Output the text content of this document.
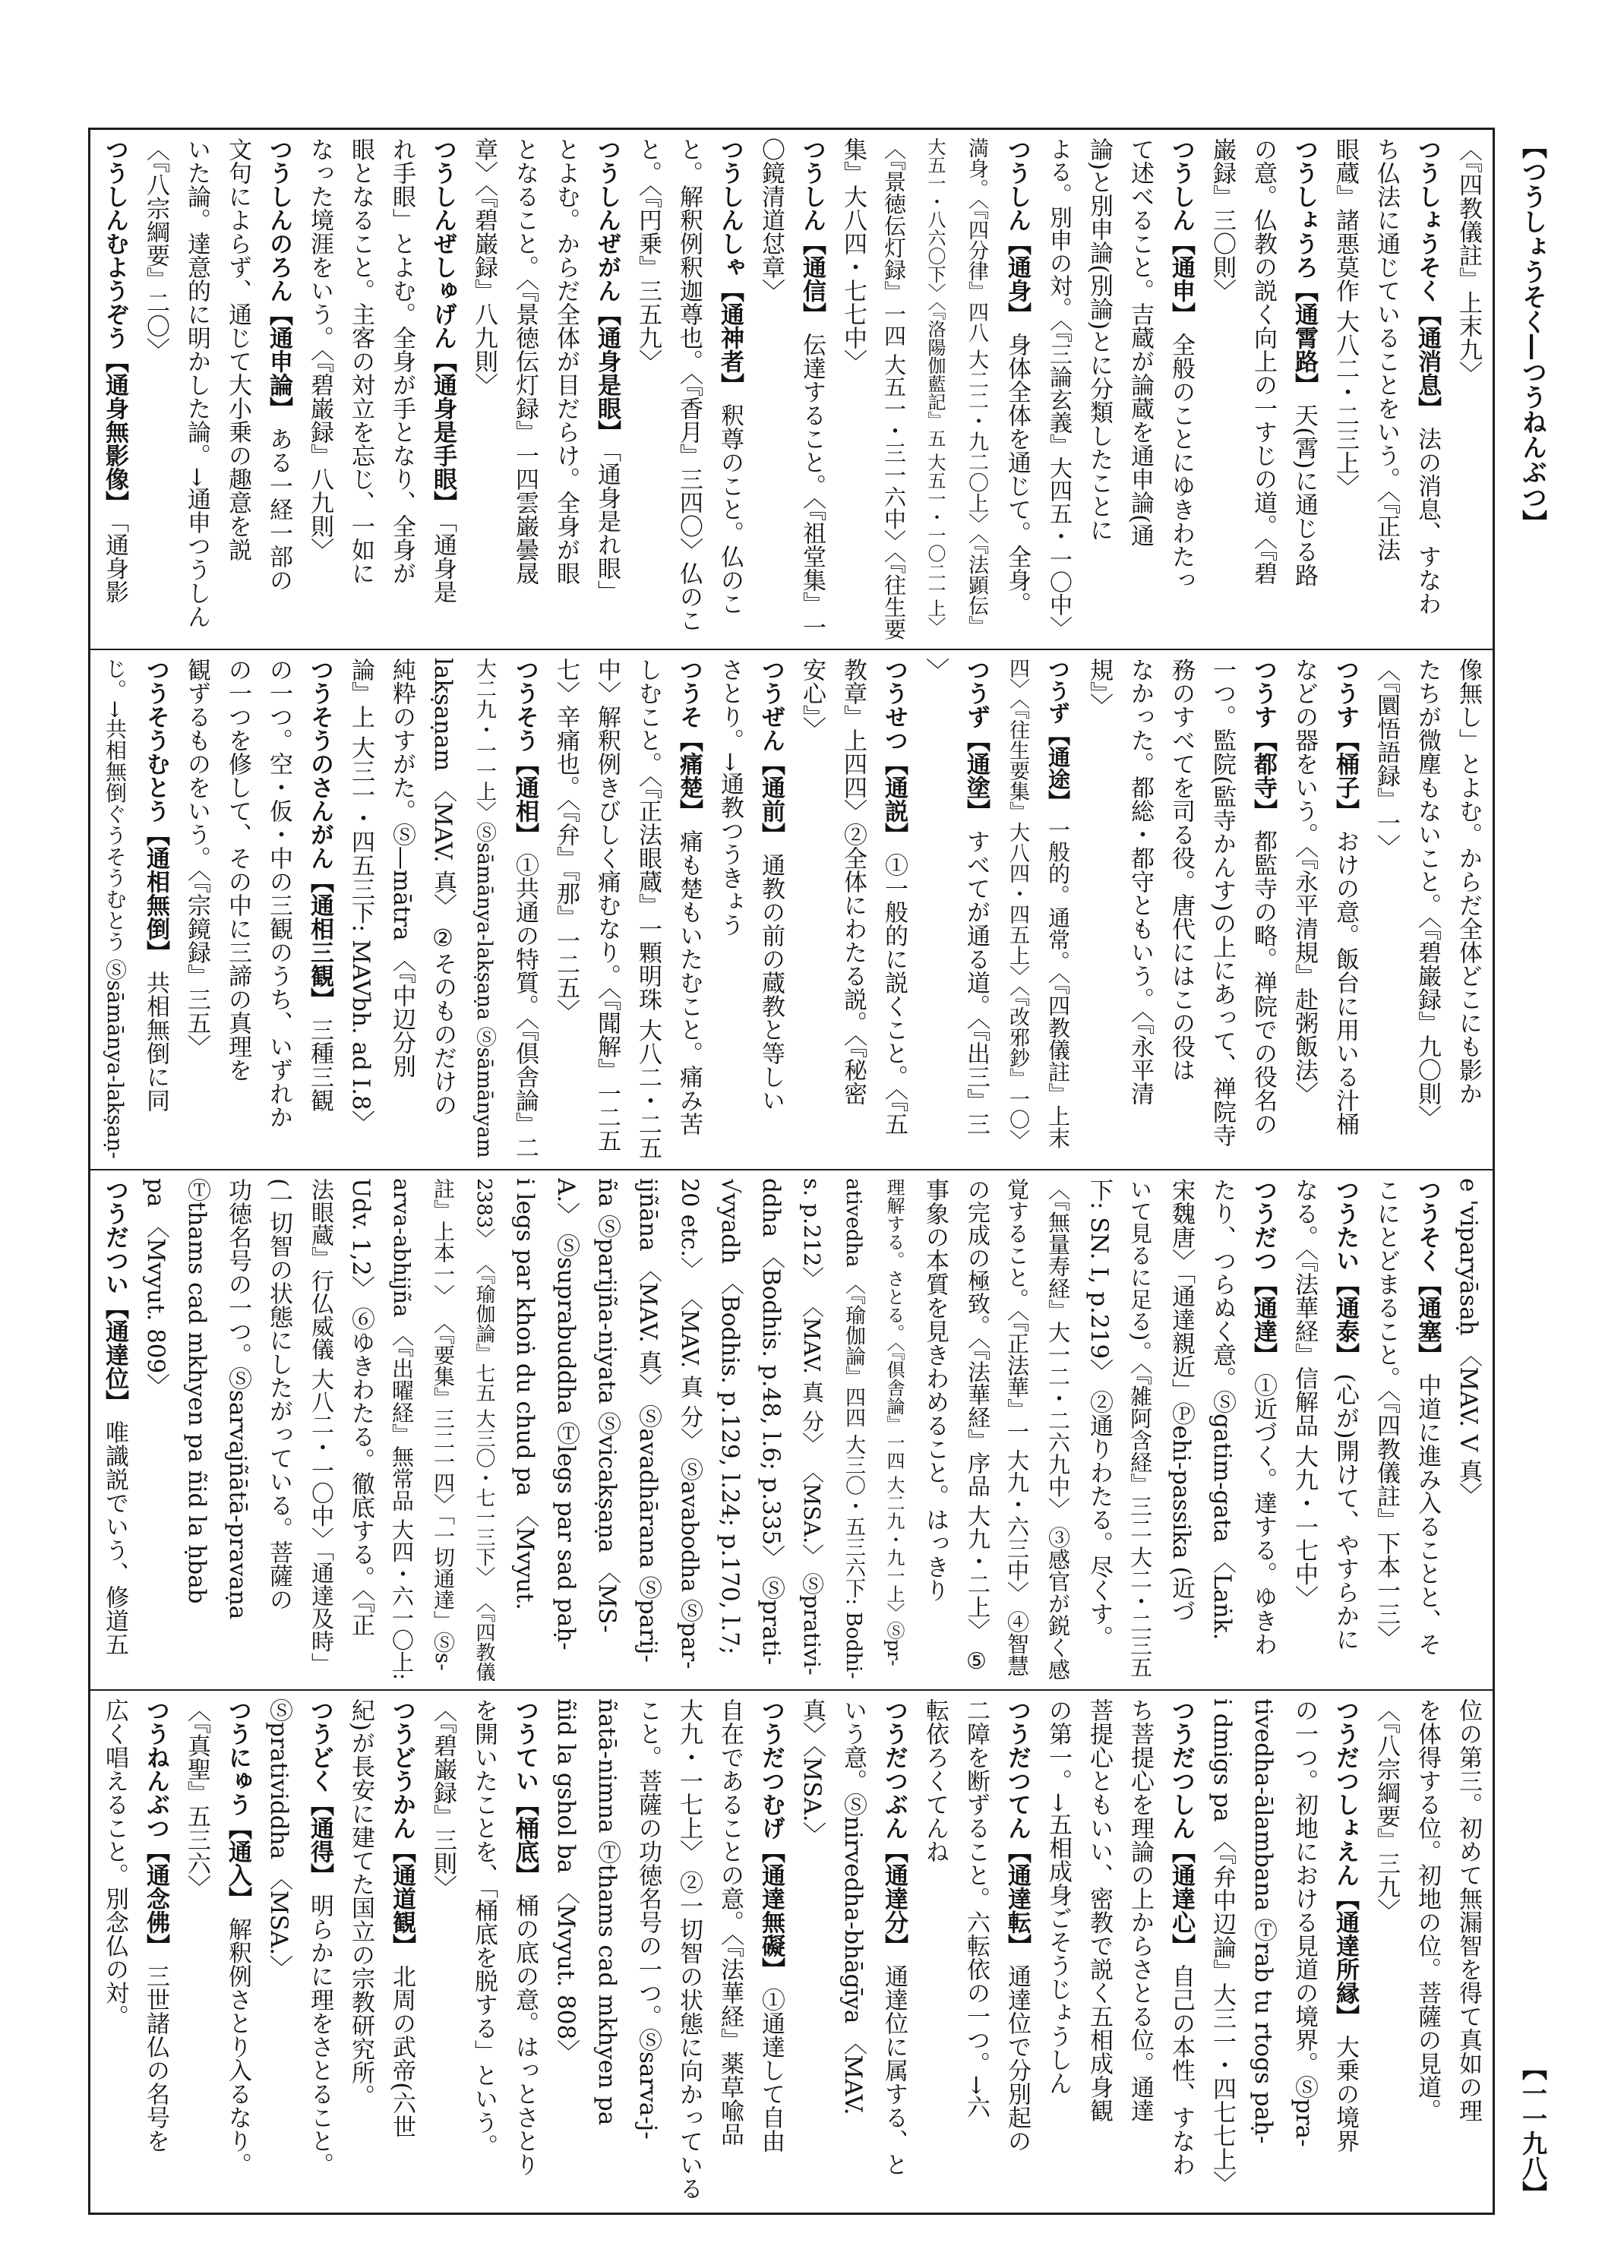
【つうしょうそく―つうねんぶつ】
【一一九八】
〈『四教儀註』上末九〉
つうしょうそく【通消息】法の消息、すなわ
ち仏法に通じていることをいう。〈『正法
眼蔵』諸悪莫作 大八二・二三上〉
つうしょうろ【通霄路】天(霄)に通じる路
の意。仏教の説く向上の一すじの道。〈『碧
巌録』三〇則〉
つうしん【通申】全般のことにゆきわたっ
て述べること。吉蔵が論蔵を通申論(通
論)と別申論(別論)とに分類したことに
よる。別申の対。〈『三論玄義』大四五・一〇中〉
つうしん【通身】身体全体を通じて。全身。
満身。〈『四分律』四八 大二二・九二〇上〉〈『法顕伝』
大五一・八六〇下〉〈『洛陽伽藍記』五 大五一・一〇二一上〉
〈『景徳伝灯録』一四 大五一・三一六中〉〈『往生要
集』大八四・七七中〉
つうしん【通信】伝達すること。〈『祖堂集』一
〇鏡清道怤章〉
つうしんしゃ【通神者】釈尊のこと。仏のこ
と。解釈例釈迦尊也。〈『香月』三四〇〉仏のこ
と。〈『円乗』三五九〉
つうしんぜがん【通身是眼】「通身是れ眼」
とよむ。からだ全体が目だらけ。全身が眼
となること。〈『景徳伝灯録』一四雲巌曇晟
章〉〈『碧巌録』八九則〉
つうしんぜしゅげん【通身是手眼】「通身是
れ手眼」とよむ。全身が手となり、全身が
眼となること。主客の対立を忘じ、一如に
なった境涯をいう。〈『碧巌録』八九則〉
つうしんのろん【通申論】ある一経一部の
文句によらず、通じて大小乗の趣意を説
いた論。達意的に明かした論。→通申つうしん
〈『八宗綱要』二〇〉
つうしんむようぞう【通身無影像】「通身影
像無し」とよむ。からだ全体どこにも影か
たちが微塵もないこと。〈『碧巌録』九〇則〉
〈『圜悟語録』一〉
つうす【桶子】おけの意。飯台に用いる汁桶
などの器をいう。〈『永平清規』赴粥飯法〉
つうす【都寺】都監寺の略。禅院での役名の
一つ。監院(監寺かんす)の上にあって、禅院寺
務のすべてを司る役。唐代にはこの役は
なかった。都総・都守ともいう。〈『永平清
規』〉
つうず【通途】一般的。通常。〈『四教儀註』上末
四〉〈『往生要集』大八四・四五上〉〈『改邪鈔』一〇〉
つうず【通塗】すべてが通る道。〈『出三』三
〉
つうせつ【通説】①一般的に説くこと。〈『五
教章』上四四〉②全体にわたる説。〈『秘密
安心』〉
つうぜん【通前】通教の前の蔵教と等しい
さとり。→通教つうきょう
つうそ【痛楚】痛も楚もいたむこと。痛み苦
しむこと。〈『正法眼蔵』一顆明珠 大八二・二五
中〉解釈例きびしく痛むなり。〈『聞解』一二五
七〉辛痛也。〈『弁』『那』一二五〉
つうそう【通相】①共通の特質。〈『倶舎論』二
大二九・一一上〉Ⓢsāmānya-lakṣaṇa Ⓢsāmānyam
lakṣaṇam 〈MAV. 真〉 ②そのものだけの
純粋のすがた。Ⓢ—mātra 〈『中辺分別
論』上 大三一・四五三下: MAVbh. ad I.8〉
つうそうのさんがん【通相三観】三種三観
の一つ。空・仮・中の三観のうち、いずれか
の一つを修して、その中に三諦の真理を
観ずるものをいう。〈『宗鏡録』三五〉
つうそうむとう【通相無倒】共相無倒に同
じ。→共相無倒ぐうそうむとう Ⓢsāmānya-lakṣaṇ-
e 'viparyāsaḥ 〈MAV. V 真〉
つうそく【通塞】中道に進み入ることと、そ
こにとどまること。〈『四教儀註』下本一三〉
つうたい【通泰】(心が)開けて、やすらかに
なる。〈『法華経』信解品 大九・一七中〉
つうだつ【通達】①近づく。達する。ゆきわ
たり、つらぬく意。Ⓢgatim-gata 〈Laṅk.
宋魏唐〉「通達親近」Ⓟehi-passika (近づ
いて見るに足る)。〈『雑阿含経』三二 大二・二三五
下: SN. I, p.219〉 ②通りわたる。尽くす。
〈『無量寿経』大一二・二六九中〉 ③感官が鋭く感
覚すること。〈『正法華』一 大九・六三中〉 ④智慧
の完成の極致。〈『法華経』序品 大九・二上〉 ⑤
事象の本質を見きわめること。はっきり
理解する。さとる。〈『倶舎論』一四 大二九・九一上〉Ⓢpr-
ativedha 〈『瑜伽論』四四 大三〇・五三六下: Bodhi-
s. p.212〉 〈MAV. 真 分〉 〈MSA.〉 Ⓢprativi-
ddha 〈Bodhis. p.48, l.6; p.335〉 Ⓢprati-
√vyadh 〈Bodhis. p.129, l.24; p.170, l.7;
20 etc.〉 〈MAV. 真 分〉 Ⓢavabodha Ⓢpar-
ijñāna 〈MAV. 真〉 Ⓢavadhārana Ⓢparij-
ña Ⓢparijña-niyata Ⓢvicakṣaṇa 〈MS-
A.〉 Ⓢsuprabuddha Ⓣlegs par sad paḥ-
i legs par khoṅ du chud pa 〈Mvyut.
2383〉 〈『瑜伽論』七五 大三〇・七一三下〉 〈『四教儀
註』上本一〉 〈『要集』三二一四〉「一切通達」Ⓢs-
arva-abhijña 〈『出曜経』無常品 大四・六一〇上:
Udv. 1,2〉 ⑥ゆきわたる。徹底する。〈『正
法眼蔵』行仏威儀 大八二・一〇中〉「通達及時」
(一切智の状態にしたがっている。菩薩の
功徳名号の一つ。Ⓢsarvajñātā-pravaṇa
Ⓣthams cad mkhyen pa ñid la ḥbab
pa 〈Mvyut. 809〉
つうだつい【通達位】唯識説でいう、修道五
位の第三。初めて無漏智を得て真如の理
を体得する位。初地の位。菩薩の見道。
〈『八宗綱要』三九〉
つうだつしょえん【通達所縁】大乗の境界
の一つ。初地における見道の境界。Ⓢpra-
tivedha-ālambana Ⓣrab tu rtogs paḥ-
i dmigs pa 〈『弁中辺論』大三一・四七七上〉
つうだつしん【通達心】自己の本性、すなわ
ち菩提心を理論の上からさとる位。通達
菩提心ともいい、密教で説く五相成身観
の第一。→五相成身ごそうじょうしん
つうだつてん【通達転】通達位で分別起の
二障を断ずること。六転依の一つ。→六
転依ろくてんね
つうだつぶん【通達分】通達位に属する、と
いう意。Ⓢnirvedha-bhāgīya 〈MAV.
真〉〈MSA.〉
つうだつむげ【通達無礙】①通達して自由
自在であることの意。〈『法華経』薬草喩品
大九・一七上〉 ②一切智の状態に向かっている
こと。菩薩の功徳名号の一つ。Ⓢsarva-j-
ñatā-nimna Ⓣthams cad mkhyen pa
ñid la gshol ba 〈Mvyut. 808〉
つうてい【桶底】桶の底の意。はっとさとり
を開いたことを、「桶底を脱する」という。
〈『碧巌録』三則〉
つうどうかん【通道観】北周の武帝(六世
紀)が長安に建てた国立の宗教研究所。
つうどく【通得】明らかに理をさとること。
Ⓢpratividdha 〈MSA.〉
つうにゅう【通入】解釈例さとり入るなり。
〈『真聖』五三六〉
つうねんぶつ【通念佛】三世諸仏の名号を
広く唱えること。別念仏の対。
